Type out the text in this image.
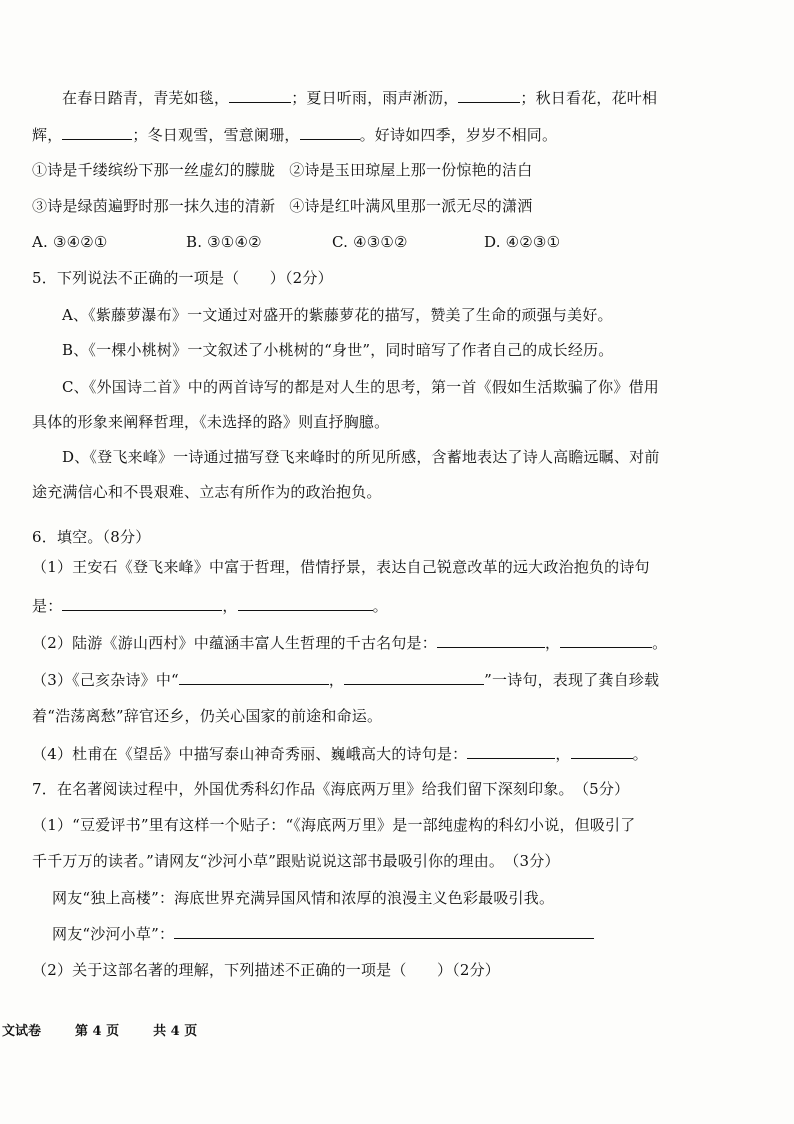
在春日踏青，青芜如毯，	；夏日听雨，雨声淅沥，	；秋日看花，花叶相
辉，	；冬日观雪，雪意阑珊，	。好诗如四季，岁岁不相同。
①诗是千缕缤纷下那一丝虚幻的朦胧 ②诗是玉田琼屋上那一份惊艳的洁白
③诗是绿茵遍野时那一抹久违的清新 ④诗是红叶满风里那一派无尽的潇洒
A. ③④②①	B. ③①④②	C. ④③①②	D. ④②③①
5．下列说法不正确的一项是（　　）（2分）
A、《紫藤萝瀑布》一文通过对盛开的紫藤萝花的描写，赞美了生命的顽强与美好。
B、《一棵小桃树》一文叙述了小桃树的“身世”，同时暗写了作者自己的成长经历。
C、《外国诗二首》中的两首诗写的都是对人生的思考，第一首《假如生活欺骗了你》借用
具体的形象来阐释哲理，《未选择的路》则直抒胸臆。
D、《登飞来峰》一诗通过描写登飞来峰时的所见所感，含蓄地表达了诗人高瞻远瞩、对前
途充满信心和不畏艰难、立志有所作为的政治抱负。
6．填空。（8分）
（1）王安石《登飞来峰》中富于哲理，借情抒景，表达自己锐意改革的远大政治抱负的诗句
是：	，	。
（2）陆游《游山西村》中蕴涵丰富人生哲理的千古名句是：	，	。
（3）《己亥杂诗》中“	，	”一诗句，表现了龚自珍载
着“浩荡离愁”辞官还乡，仍关心国家的前途和命运。
（4）杜甫在《望岳》中描写泰山神奇秀丽、巍峨高大的诗句是：	，	。
7．在名著阅读过程中，外国优秀科幻作品《海底两万里》给我们留下深刻印象。　（5分）
（1）“豆爱评书”里有这样一个贴子：“《海底两万里》是一部纯虚构的科幻小说，但吸引了
千千万万的读者。”请网友“沙河小草”跟贴说说这部书最吸引你的理由。　（3分）
网友“独上高楼”：海底世界充满异国风情和浓厚的浪漫主义色彩最吸引我。
网友“沙河小草”：
（2）关于这部名著的理解，下列描述不正确的一项是（　　）（2分）
文试卷	第 4 页	共 4 页
